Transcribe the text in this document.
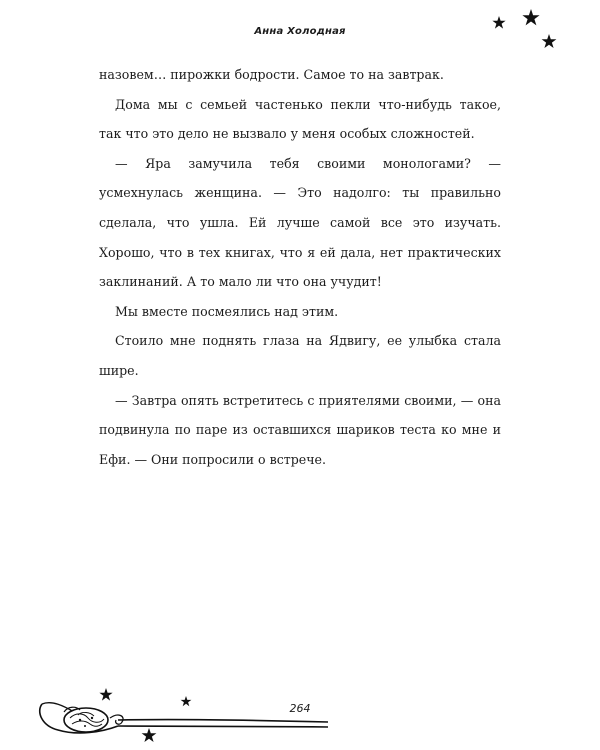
Анна Холодная

назовем… пирожки бодрости. Самое то на завтрак.

Дома мы с семьей частенько пекли что-нибудь такое, так что это дело не вызвало у меня особых сложностей.

— Яра замучила тебя своими монологами? — усмехнулась женщина. — Это надолго: ты правильно сделала, что ушла. Ей лучше самой все это изучать. Хорошо, что в тех книгах, что я ей дала, нет практических заклинаний. А то мало ли что она учудит!

Мы вместе посмеялись над этим.

Стоило мне поднять глаза на Ядвигу, ее улыбка стала шире.

— Завтра опять встретитесь с приятелями своими, — она подвинула по паре из оставшихся шариков теста ко мне и Ефи. — Они попросили о встрече.

264
